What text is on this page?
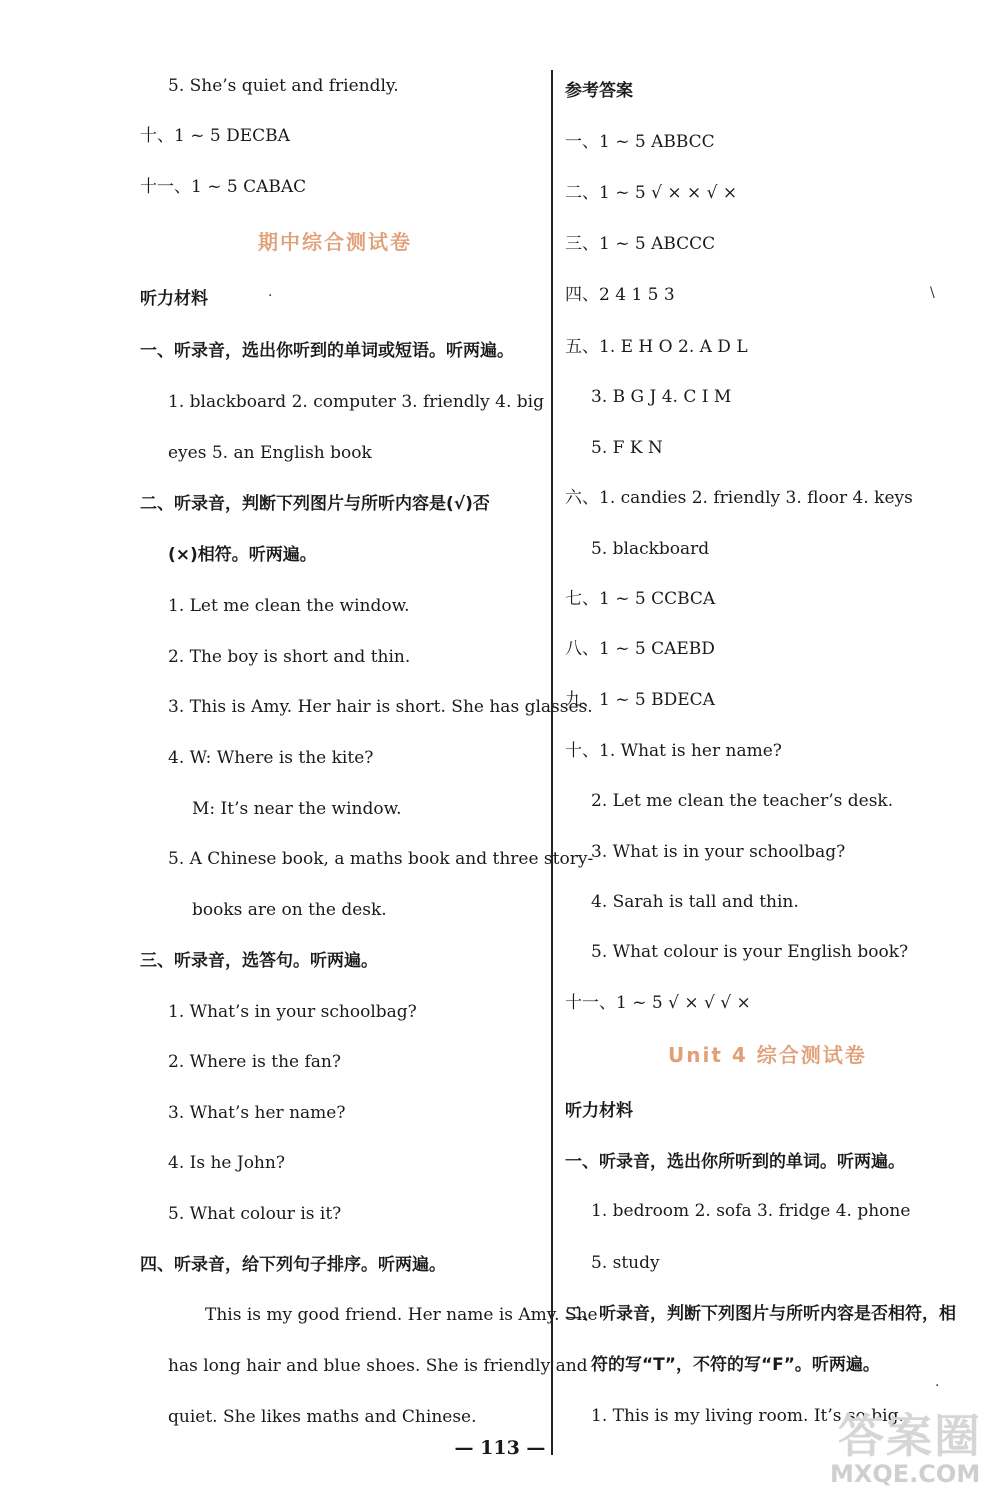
5. She’s quiet and friendly.
十、1 ~ 5 DECBA
十一、1 ~ 5 CABAC
期中综合测试卷
听力材料
一、听录音，选出你听到的单词或短语。听两遍。
1. blackboard 2. computer 3. friendly 4. big
eyes 5. an English book
二、听录音，判断下列图片与所听内容是(√)否
(×)相符。听两遍。
1. Let me clean the window.
2. The boy is short and thin.
3. This is Amy. Her hair is short. She has glasses.
4. W: Where is the kite?
M: It’s near the window.
5. A Chinese book, a maths book and three story-
books are on the desk.
三、听录音，选答句。听两遍。
1. What’s in your schoolbag?
2. Where is the fan?
3. What’s her name?
4. Is he John?
5. What colour is it?
四、听录音，给下列句子排序。听两遍。
This is my good friend. Her name is Amy. She
has long hair and blue shoes. She is friendly and
quiet. She likes maths and Chinese.
·
参考答案
一、1 ~ 5 ABBCC
二、1 ~ 5 √ × × √ ×
三、1 ~ 5 ABCCC
四、2 4 1 5 3
五、1. E H O 2. A D L
3. B G J 4. C I M
5. F K N
六、1. candies 2. friendly 3. floor 4. keys
5. blackboard
七、1 ~ 5 CCBCA
八、1 ~ 5 CAEBD
九、1 ~ 5 BDECA
十、1. What is her name?
2. Let me clean the teacher’s desk.
3. What is in your schoolbag?
4. Sarah is tall and thin.
5. What colour is your English book?
十一、1 ~ 5 √ × √ √ ×
Unit 4 综合测试卷
听力材料
一、听录音，选出你所听到的单词。听两遍。
1. bedroom 2. sofa 3. fridge 4. phone
5. study
二、听录音，判断下列图片与所听内容是否相符，相
符的写“T”，不符的写“F”。听两遍。
1. This is my living room. It’s so big.
\
·
— 113 —	答案圈
MXQE.COM
